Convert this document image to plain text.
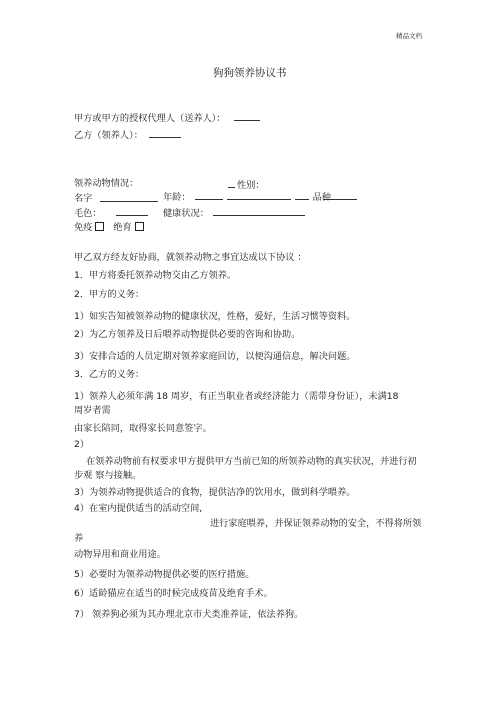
精品文档
狗狗领养协议书
甲方或甲方的授权代理人（送养人）：
乙方（领养人）：
领养动物情况：	性别：
名字	年龄：	品种
毛色：	健康状况：
免疫 绝育
甲乙双方经友好协商，就领养动物之事宜达成以下协议 ：
1．甲方将委托领养动物交由乙方领养。
2．甲方的义务：
1）如实告知被领养动物的健康状况，性格，爱好，生活习惯等资料。
2）为乙方领养及日后喂养动物提供必要的咨询和协助。
3）安排合适的人员定期对领养家庭回访，以便沟通信息，解决问题。
3．乙方的义务：
1）领养人必须年满 18 周岁，有正当职业者或经济能力（需带身份证），未满18
周岁者需
由家长陪同，取得家长同意签字。
2）
在领养动物前有权要求甲方提供甲方当前已知的所领养动物的真实状况，并进行初
步观 察与接触。
3）为领养动物提供适合的食物，提供洁净的饮用水，做到科学喂养。
4）在室内提供适当的活动空间,
进行家庭喂养，并保证领养动物的安全，不得将所领
养
动物异用和商业用途。
5）必要时为领养动物提供必要的医疗措施。
6）适龄猫应在适当的时候完成疫苗及绝育手术。
7） 领养狗必须为其办理北京市犬类准养证，依法养狗。
